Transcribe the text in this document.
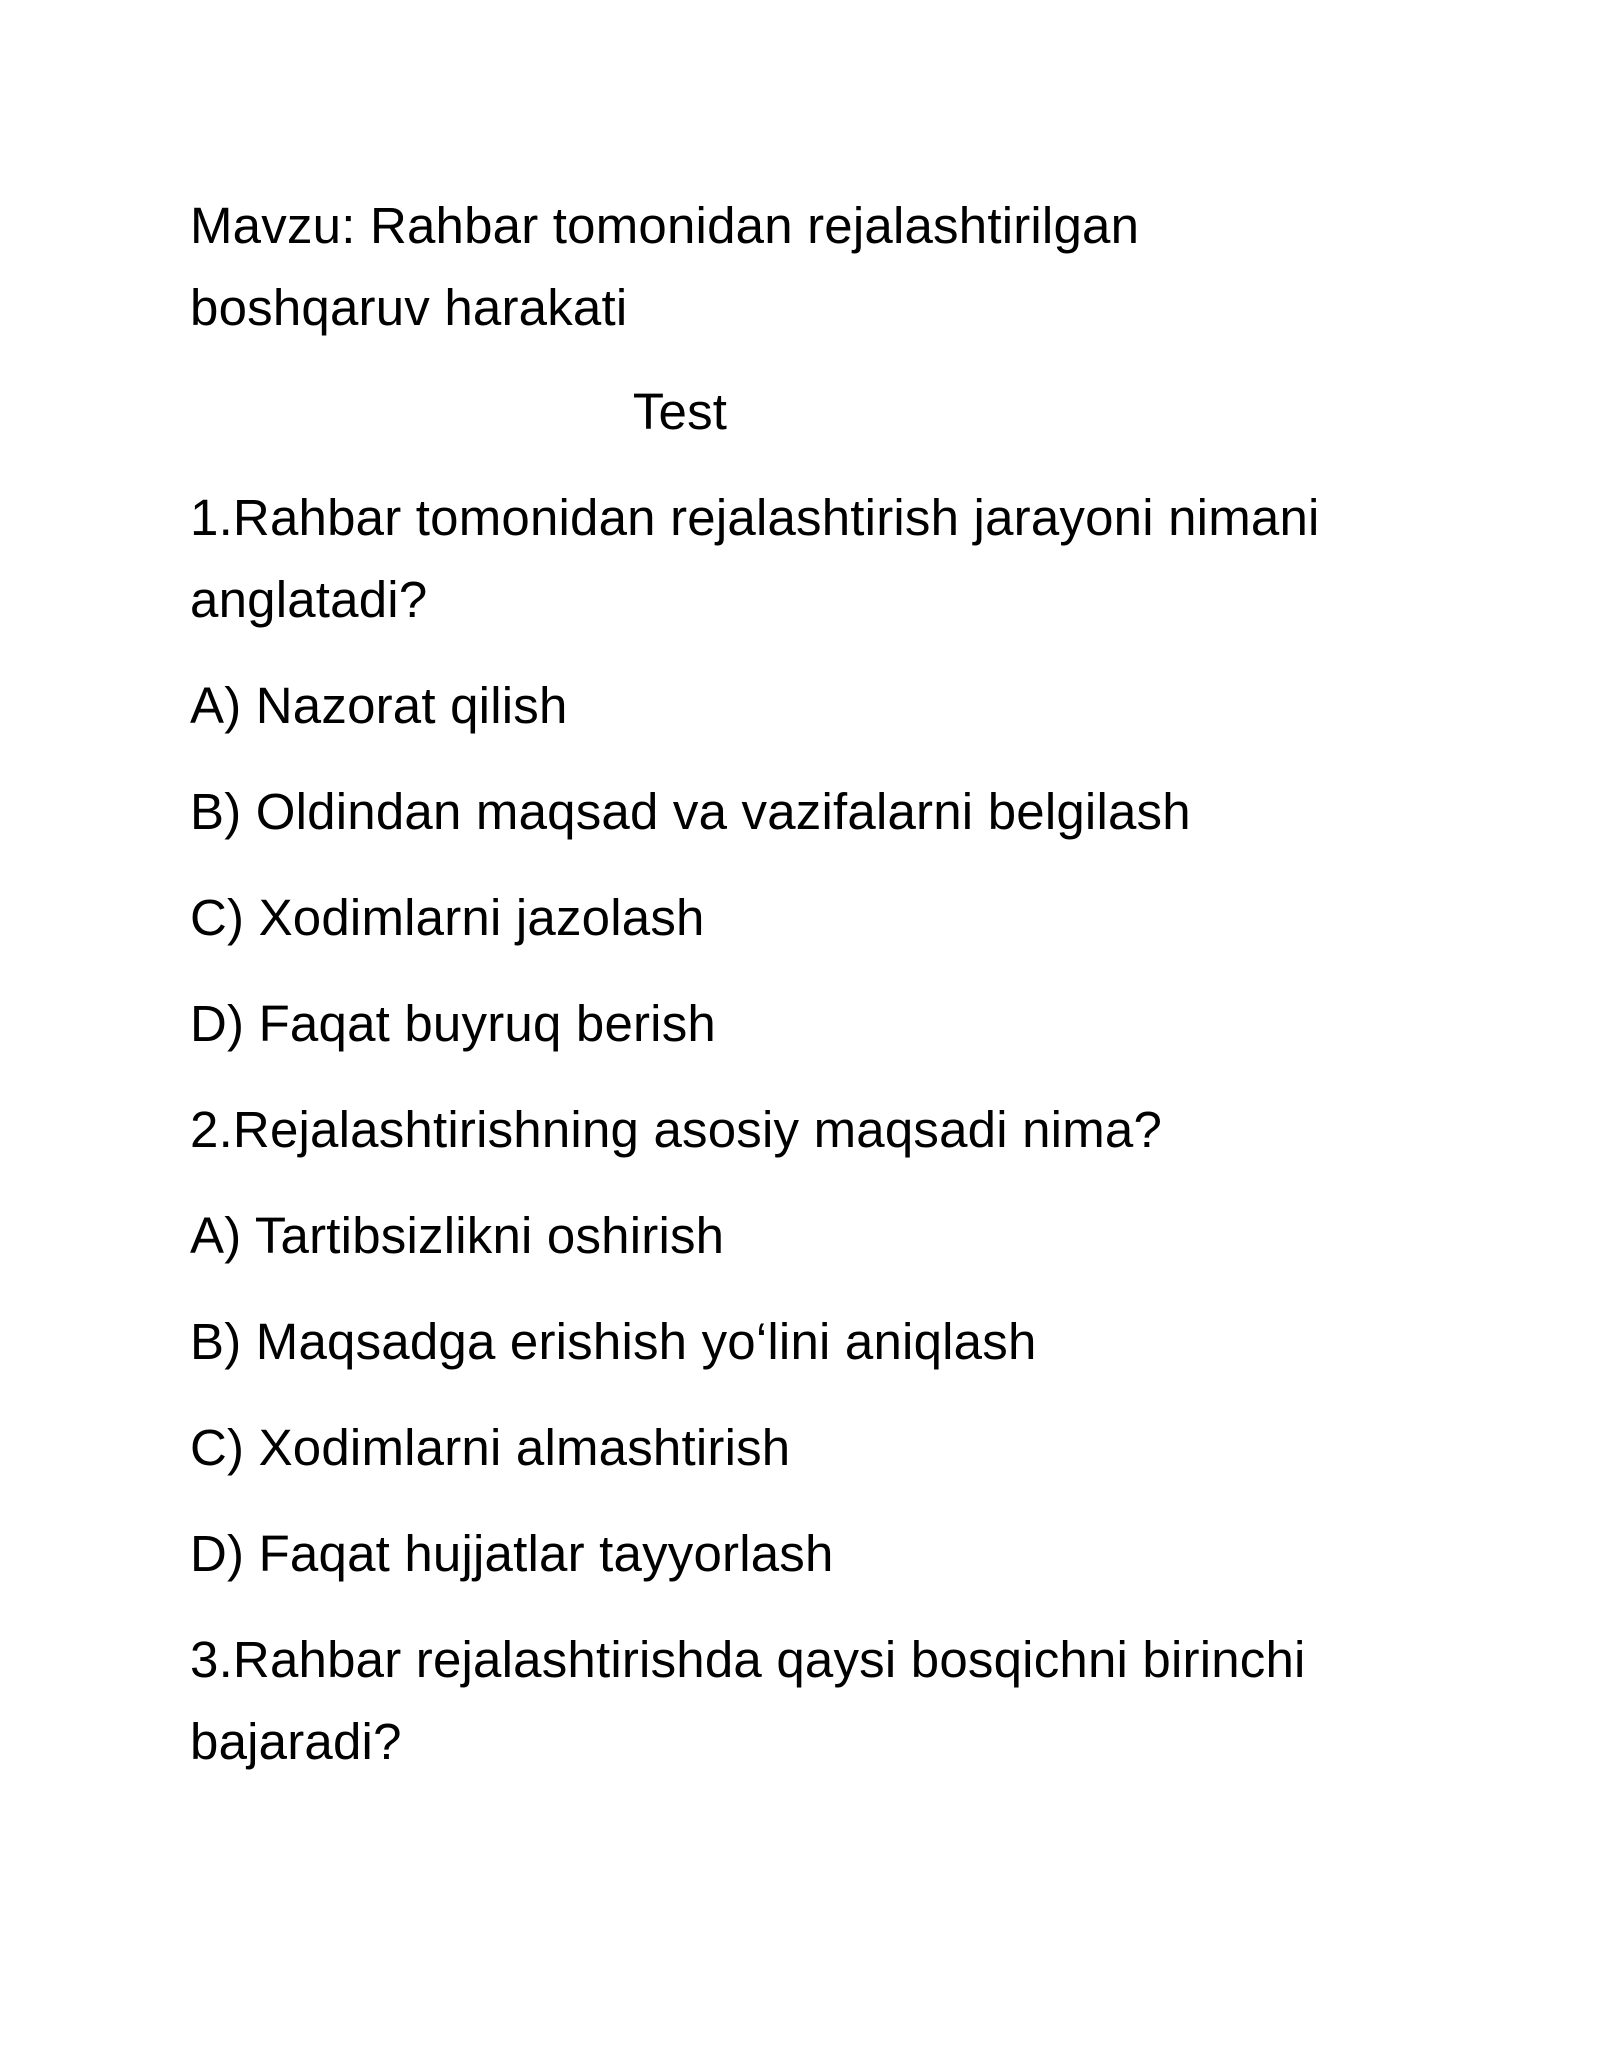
Mavzu: Rahbar tomonidan rejalashtirilgan

boshqaruv harakati

Test

1.Rahbar tomonidan rejalashtirish jarayoni nimani

anglatadi?

A) Nazorat qilish

B) Oldindan maqsad va vazifalarni belgilash

C) Xodimlarni jazolash

D) Faqat buyruq berish

2.Rejalashtirishning asosiy maqsadi nima?

A) Tartibsizlikni oshirish

B) Maqsadga erishish yo‘lini aniqlash

C) Xodimlarni almashtirish

D) Faqat hujjatlar tayyorlash

3.Rahbar rejalashtirishda qaysi bosqichni birinchi

bajaradi?
